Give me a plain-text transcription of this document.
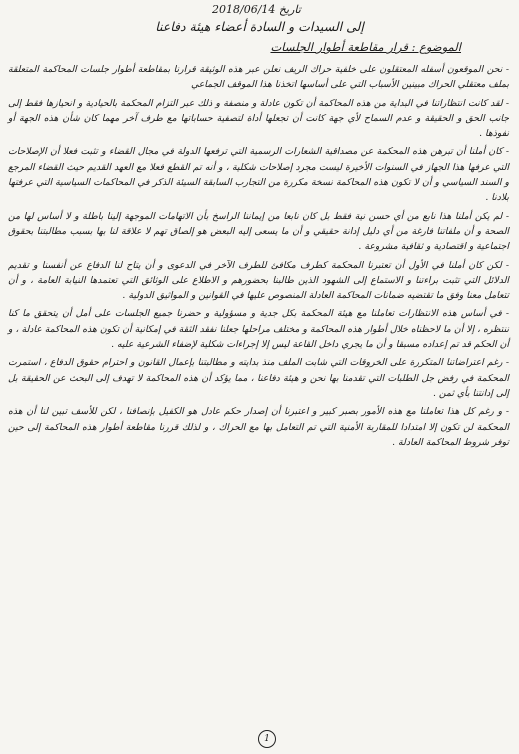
تاريخ 2018/06/14
إلى السيدات و السادة أعضاء هيئة دفاعنا
الموضوع : قرار مقاطعة أطوار الجلسات

- نحن الموقعون أسفله المعتقلون على خلفية حراك الريف نعلن عبر هذه الوثيقة قرارنا بمقاطعة أطوار جلسات المحاكمة المتعلقة بملف معتقلي الحراك مبينين الأسباب التي على أساسها اتخذنا هذا الموقف الجماعي

- لقد كانت انتظاراتنا في البداية من هذه المحاكمة أن تكون عادلة و منصفة و ذلك عبر التزام المحكمة بالحيادية و انحيازها فقط إلى جانب الحق و الحقيقة و عدم السماح لأي جهة كانت أن تجعلها أداة لتصفية حساباتها مع طرف آخر مهما كان شأن هذه الجهة أو نفوذها .

- كان أملنا أن تبرهن هذه المحكمة عن مصداقية الشعارات الرسمية التي ترفعها الدولة في مجال القضاء و تثبت فعلا أن الإصلاحات التي عرفها هذا الجهاز في السنوات الأخيرة ليست مجرد إصلاحات شكلية ، و أنه تم القطع فعلا مع العهد القديم حيث القضاء المرجع و السند السياسي و أن لا تكون هذه المحاكمة نسخة مكررة من التجارب السابقة السيئة الذكر في المحاكمات السياسية التي عرفتها بلادنا .

- لم يكن أملنا هذا نابع من أي حسن نية فقط بل كان نابعا من إيماننا الراسخ بأن الاتهامات الموجهة إلينا باطلة و لا أساس لها من الصحة و أن ملفاتنا فارغة من أي دليل إدانة حقيقي و أن ما يسعى إليه البعض هو إلصاق تهم لا علاقة لنا بها بسبب مطالبتنا بحقوق اجتماعية و اقتصادية و ثقافية مشروعة .

- لكن كان أملنا في الأول أن تعتبرنا المحكمة كطرف مكافئ للطرف الآخر في الدعوى و أن يتاح لنا الدفاع عن أنفسنا و تقديم الدلائل التي تثبت براءتنا و الاستماع إلى الشهود الذين طالبنا بحضورهم و الاطلاع على الوثائق التي تعتمدها النيابة العامة ، و أن تتعامل معنا وفق ما تقتضيه ضمانات المحاكمة العادلة المنصوص عليها في القوانين و المواثيق الدولية .

- في أساس هذه الانتظارات تعاملنا مع هيئة المحكمة بكل جدية و مسؤولية و حضرنا جميع الجلسات على أمل أن يتحقق ما كنا ننتظره ، إلا أن ما لاحظناه خلال أطوار هذه المحاكمة و مختلف مراحلها جعلنا نفقد الثقة في إمكانية أن تكون هذه المحاكمة عادلة ، و أن الحكم قد تم إعداده مسبقا و أن ما يجري داخل القاعة ليس إلا إجراءات شكلية لإضفاء الشرعية عليه .

- رغم اعتراضاتنا المتكررة على الخروقات التي شابت الملف منذ بدايته و مطالبتنا بإعمال القانون و احترام حقوق الدفاع ، استمرت المحكمة في رفض جل الطلبات التي تقدمنا بها نحن و هيئة دفاعنا ، مما يؤكد أن هذه المحاكمة لا تهدف إلى البحث عن الحقيقة بل إلى إدانتنا بأي ثمن .

- و رغم كل هذا تعاملنا مع هذه الأمور بصبر كبير و اعتبرنا أن إصدار حكم عادل هو الكفيل بإنصافنا ، لكن للأسف تبين لنا أن هذه المحكمة لن تكون إلا امتدادا للمقاربة الأمنية التي تم التعامل بها مع الحراك ، و لذلك قررنا مقاطعة أطوار هذه المحاكمة إلى حين توفر شروط المحاكمة العادلة .

1
